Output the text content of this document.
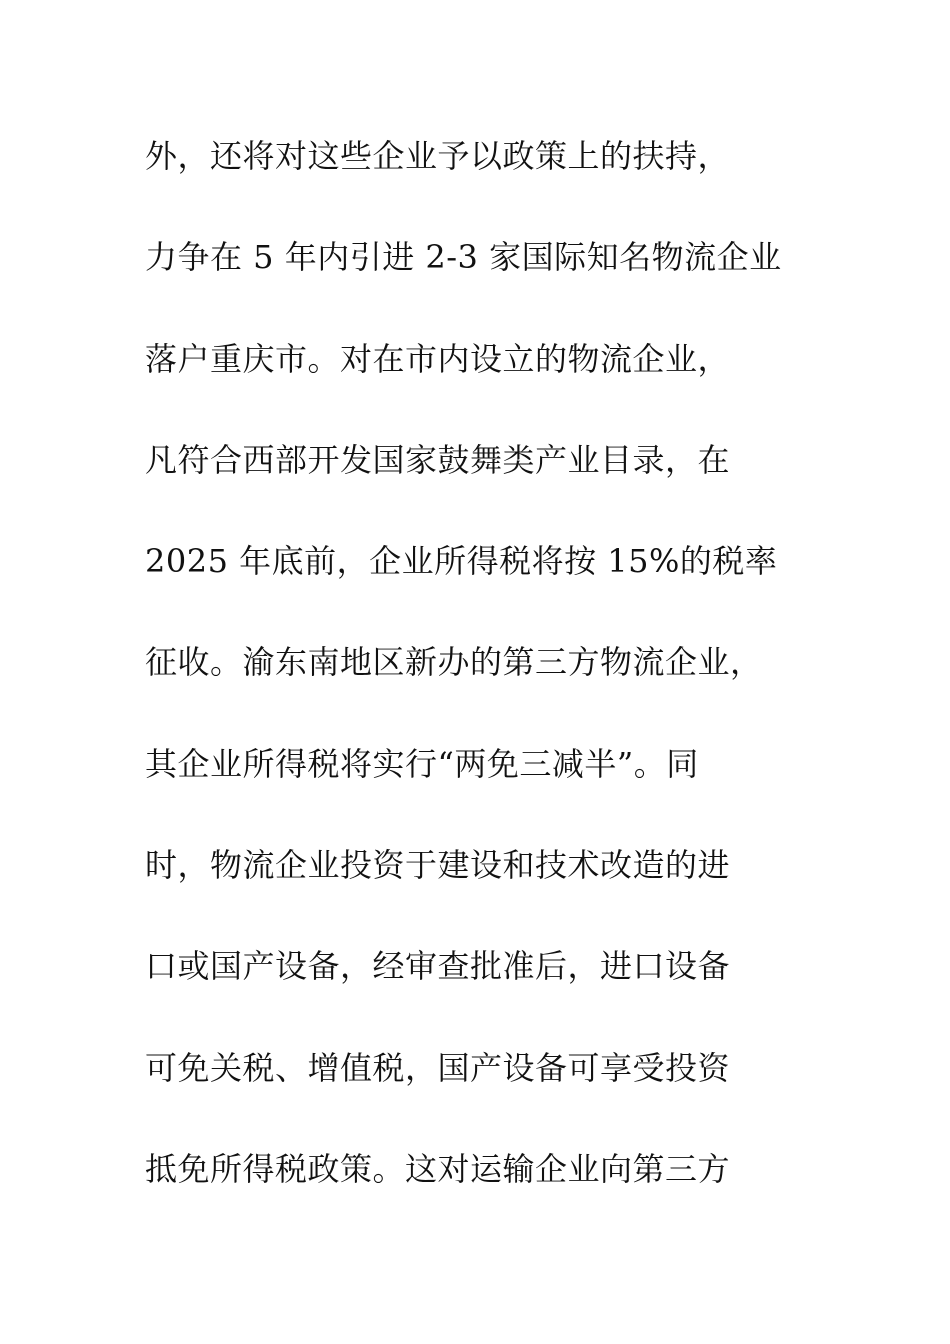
外，还将对这些企业予以政策上的扶持，
力争在 5 年内引进 2-3 家国际知名物流企业
落户重庆市。对在市内设立的物流企业，
凡符合西部开发国家鼓舞类产业目录，在
2025 年底前，企业所得税将按 15%的税率
征收。渝东南地区新办的第三方物流企业，
其企业所得税将实行“两免三减半”。同
时，物流企业投资于建设和技术改造的进
口或国产设备，经审查批准后，进口设备
可免关税、增值税，国产设备可享受投资
抵免所得税政策。这对运输企业向第三方
